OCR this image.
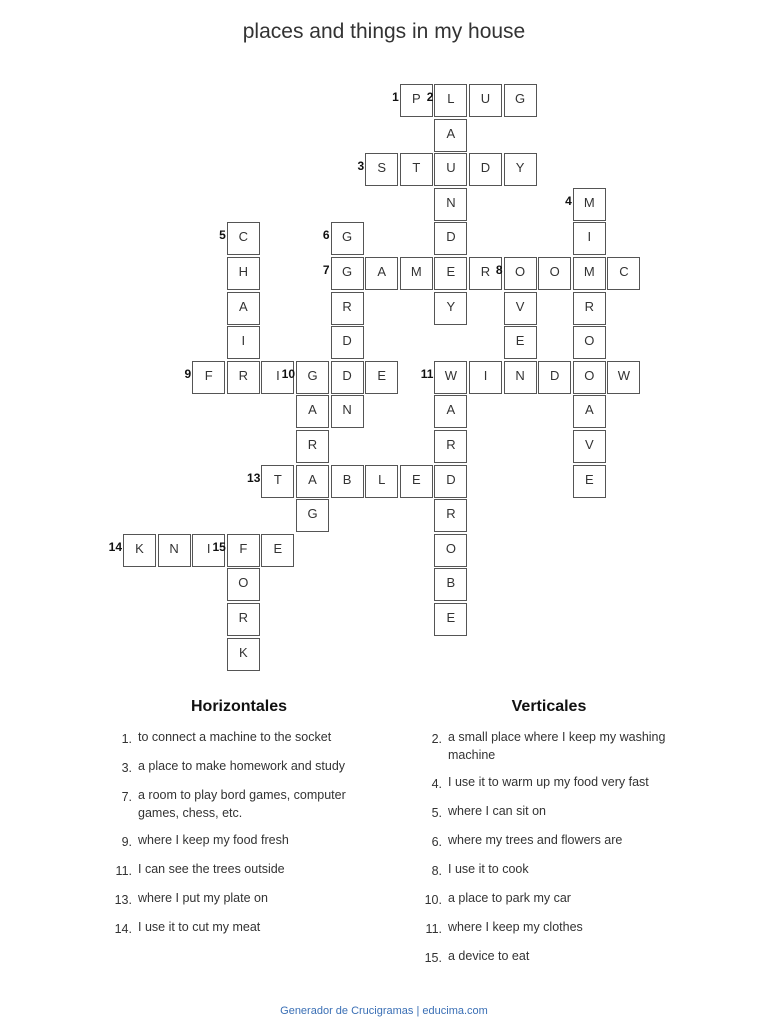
places and things in my house
P
1	L
2	U	G
A
S
3	T	U	D	Y
N	M
4
C
5	G
6	D	I
H	G
7	A	M	E	R	O
8	O	M	C
A	R	Y	V	R
I	D	E	O
F
9	R	I	G
10	D	E	W
11	I	N	D	O	W
A	N	A	A
R	R	V
T
13	A	B	L	E	D	E
G	R
K
14	N	I	F
15	E	O
O	B
R	E
K
Horizontales
1. to connect a machine to the socket
3. a place to make homework and study
7. a room to play bord games, computer games, chess, etc.
9. where I keep my food fresh
11. I can see the trees outside
13. where I put my plate on
14. I use it to cut my meat
Verticales
2. a small place where I keep my washing machine
4. I use it to warm up my food very fast
5. where I can sit on
6. where my trees and flowers are
8. I use it to cook
10. a place to park my car
11. where I keep my clothes
15. a device to eat
Generador de Crucigramas | educima.com
